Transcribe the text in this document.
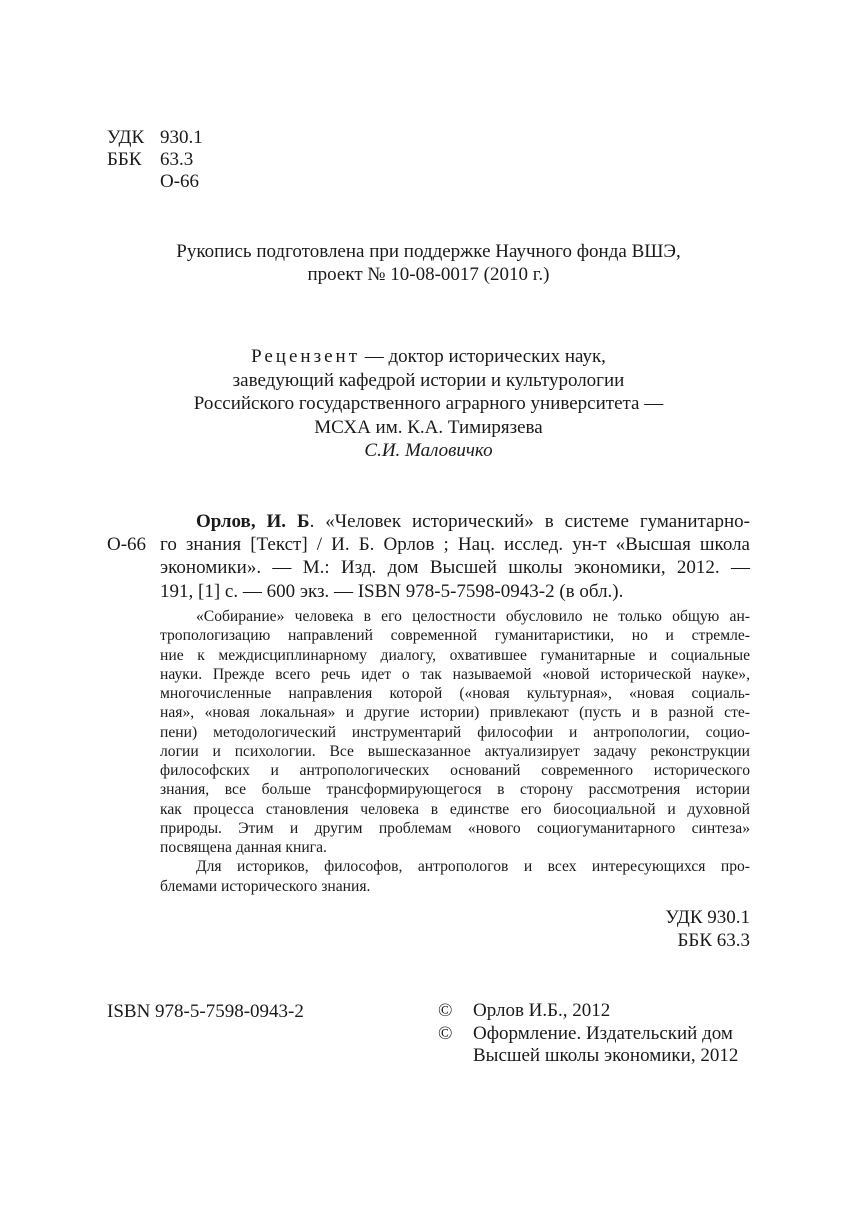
УДК 930.1
ББК 63.3
О-66
Рукопись подготовлена при поддержке Научного фонда ВШЭ,
проект № 10-08-0017 (2010 г.)
Рецензент — доктор исторических наук,
заведующий кафедрой истории и культурологии
Российского государственного аграрного университета —
МСХА им. К.А. Тимирязева
С.И. Маловичко
О-66
Орлов, И. Б. «Человек исторический» в системе гуманитарно-
го знания [Текст] / И. Б. Орлов ; Нац. исслед. ун-т «Высшая школа
экономики». — М.: Изд. дом Высшей школы экономики, 2012. —
191, [1] с. — 600 экз. — ISBN 978-5-7598-0943-2 (в обл.).
«Собирание» человека в его целостности обусловило не только общую ан-
тропологизацию направлений современной гуманитаристики, но и стремле-
ние к междисциплинарному диалогу, охватившее гуманитарные и социальные
науки. Прежде всего речь идет о так называемой «новой исторической науке»,
многочисленные направления которой («новая культурная», «новая социаль-
ная», «новая локальная» и другие истории) привлекают (пусть и в разной сте-
пени) методологический инструментарий философии и антропологии, социо-
логии и психологии. Все вышесказанное актуализирует задачу реконструкции
философских и антропологических оснований современного исторического
знания, все больше трансформирующегося в сторону рассмотрения истории
как процесса становления человека в единстве его биосоциальной и духовной
природы. Этим и другим проблемам «нового социогуманитарного синтеза»
посвящена данная книга.
Для историков, философов, антропологов и всех интересующихся про-
блемами исторического знания.
УДК 930.1
ББК 63.3
ISBN 978-5-7598-0943-2	©	Орлов И.Б., 2012
©	Оформление. Издательский дом
Высшей школы экономики, 2012
